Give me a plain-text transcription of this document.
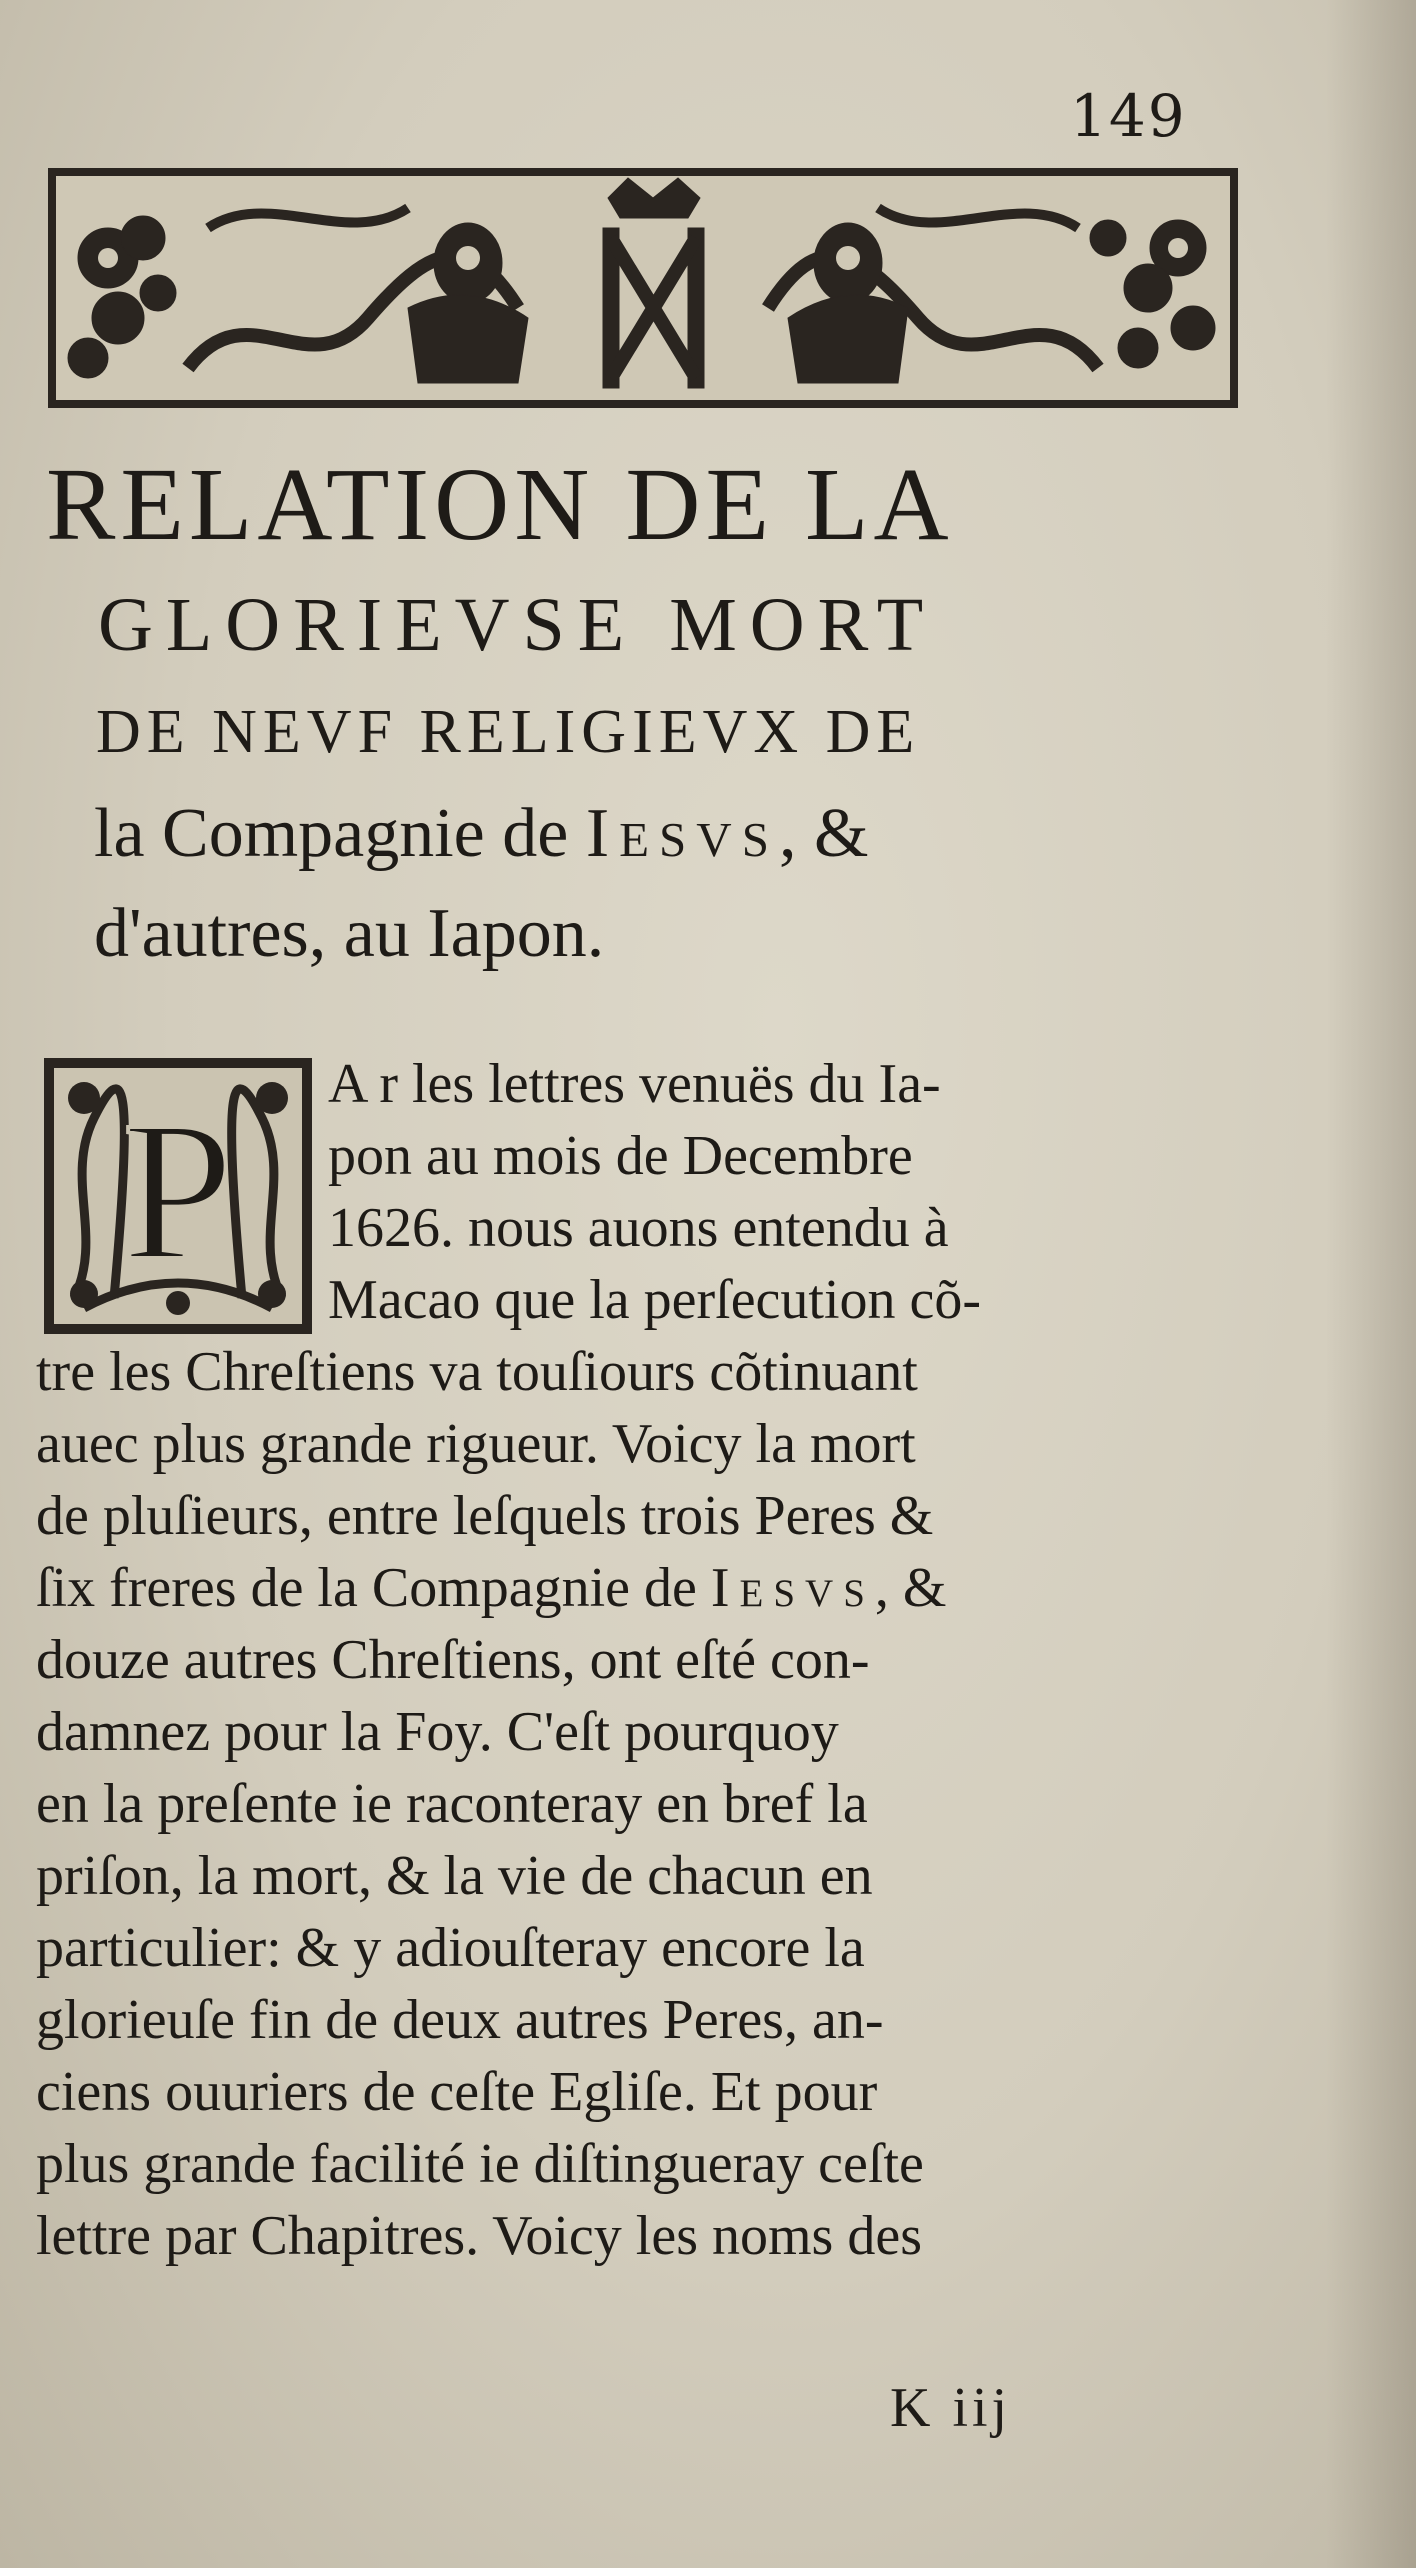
149
RELATION DE LA
GLORIEVSE MORT
DE NEVF RELIGIEVX DE
la Compagnie de Iesvs, &
d'autres, au Iapon.
P	A r les lettres venuës du Ia-
pon au mois de Decembre
1626. nous auons entendu à
Macao que la perſecution cõ-
tre les Chreſtiens va touſiours cõtinuant
auec plus grande rigueur. Voicy la mort
de pluſieurs, entre leſquels trois Peres &
ſix freres de la Compagnie de Iesvs, &
douze autres Chreſtiens, ont eſté con-
damnez pour la Foy. C'eſt pourquoy
en la preſente ie raconteray en bref la
priſon, la mort, & la vie de chacun en
particulier: & y adiouſteray encore la
glorieuſe fin de deux autres Peres, an-
ciens ouuriers de ceſte Egliſe. Et pour
plus grande facilité ie diſtingueray ceſte
lettre par Chapitres. Voicy les noms des
K iij
